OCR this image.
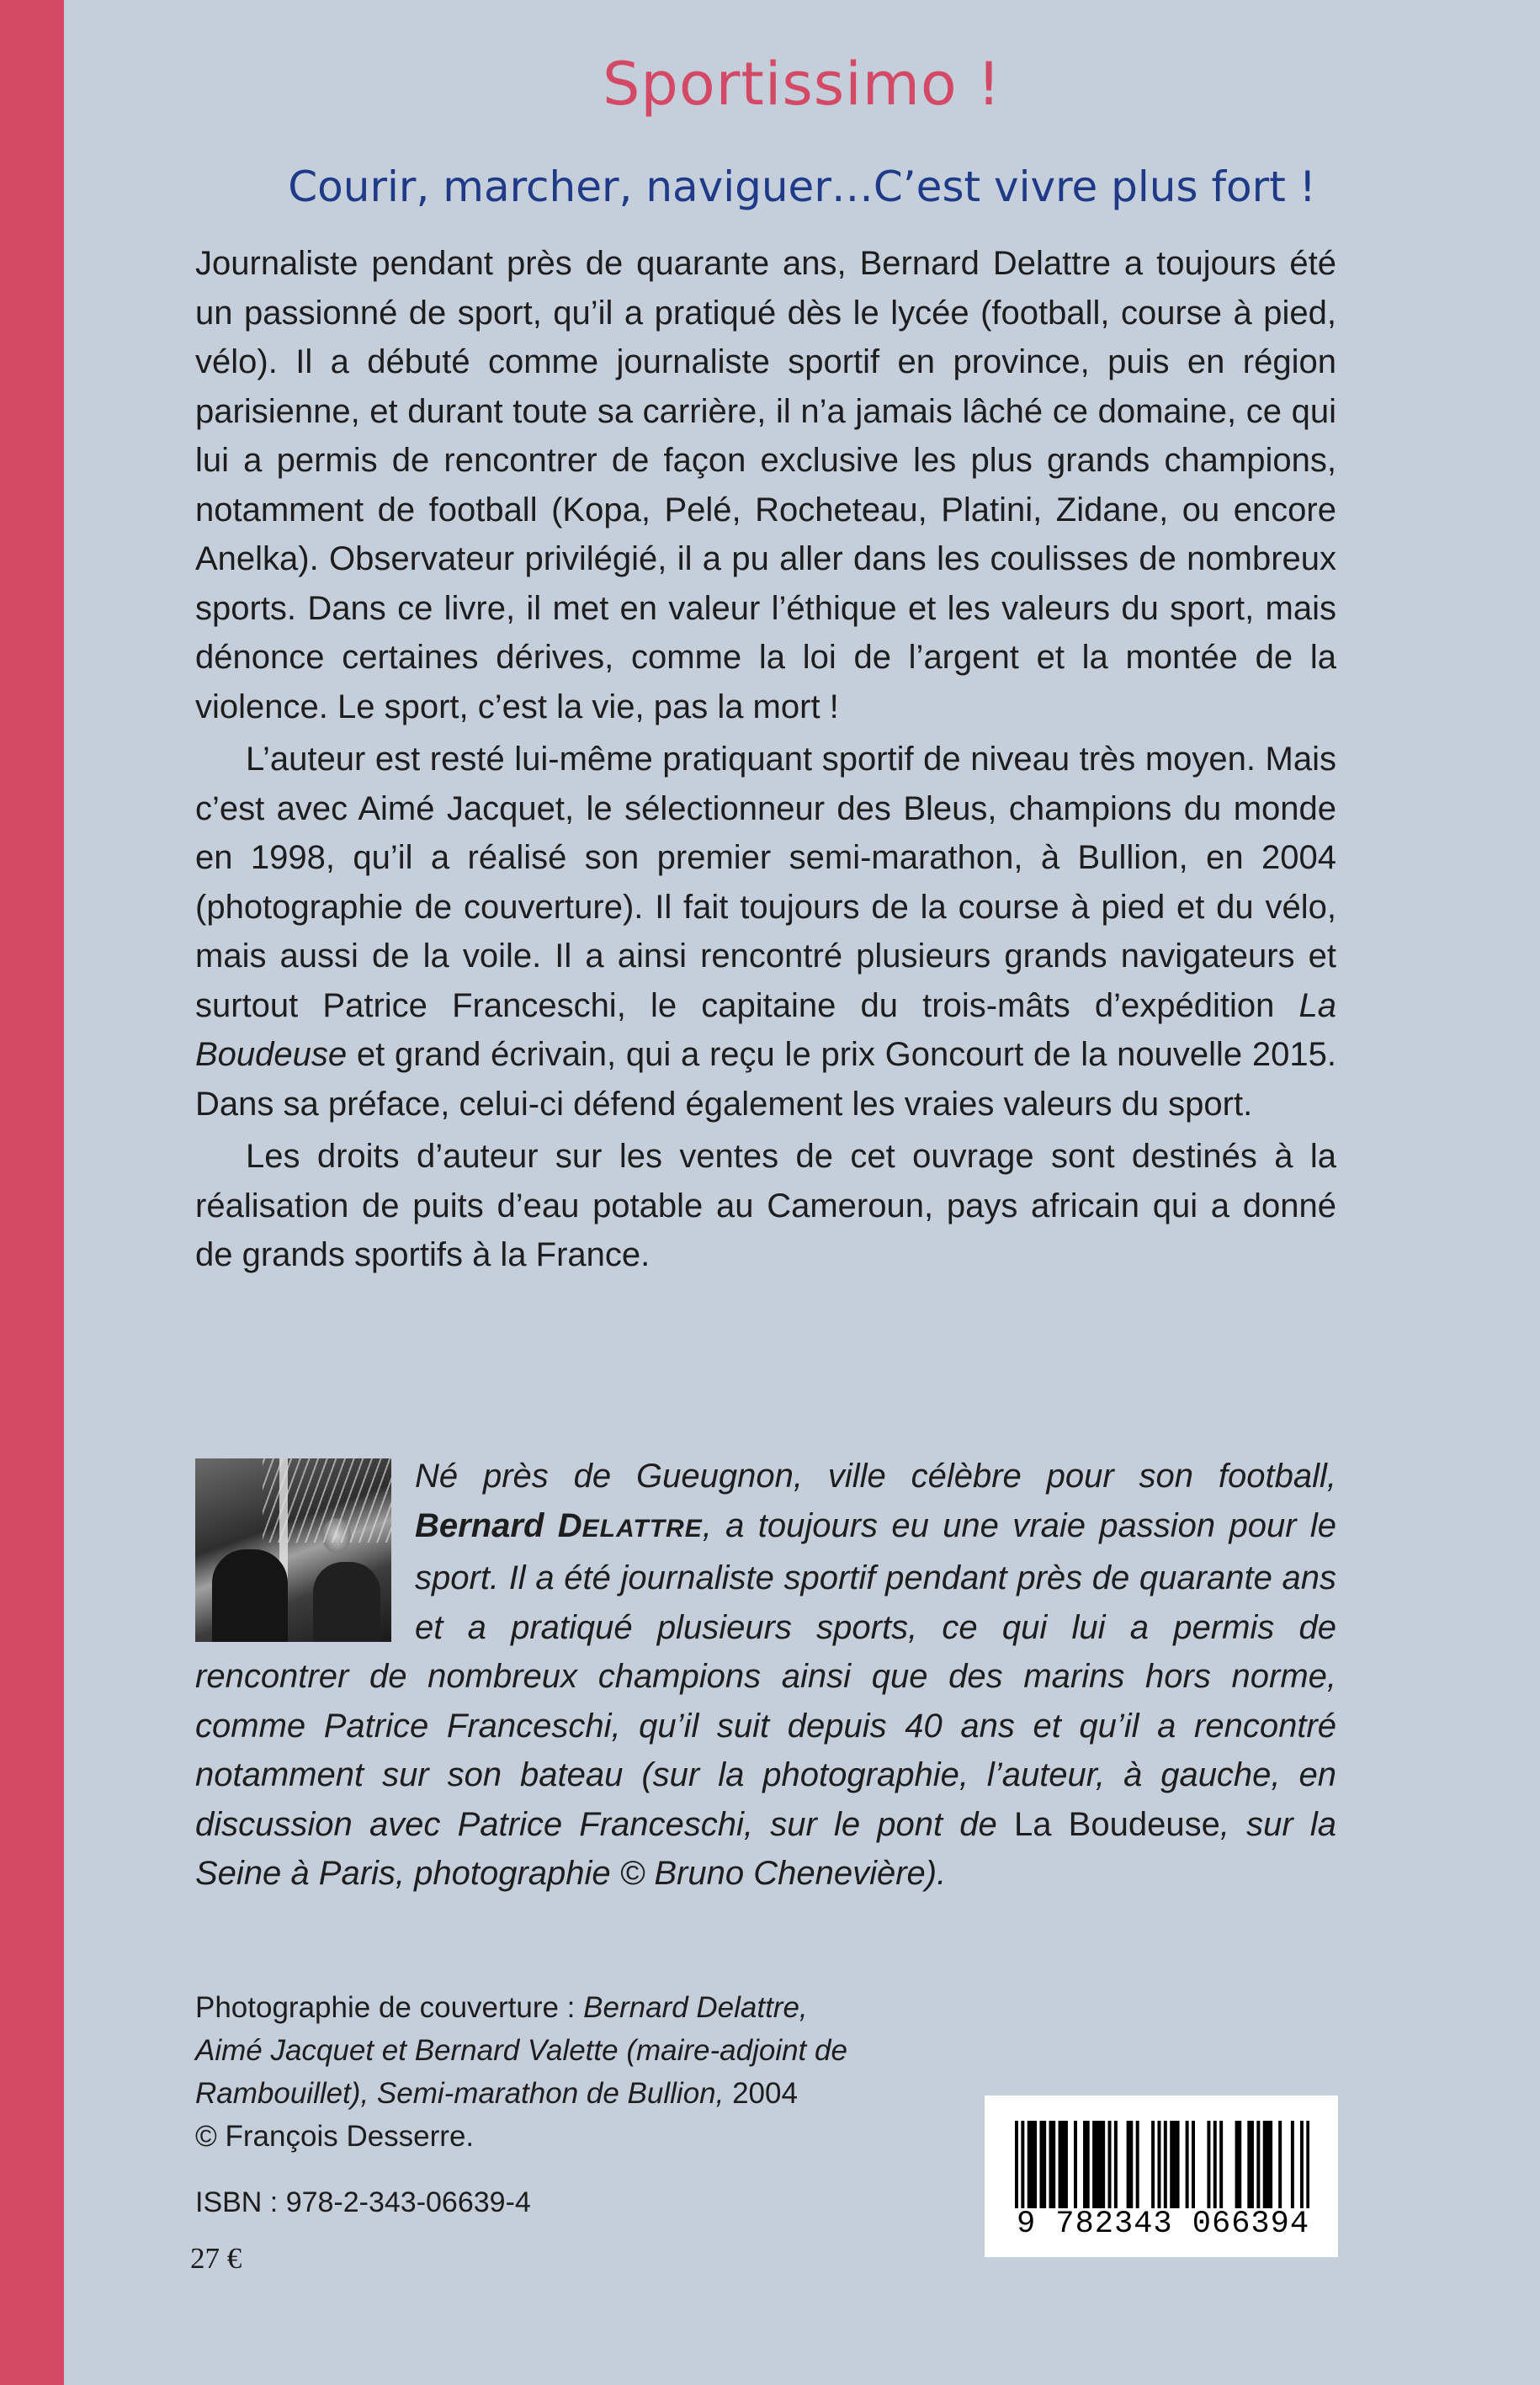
Sportissimo !
Courir, marcher, naviguer…C’est vivre plus fort !

Journaliste pendant près de quarante ans, Bernard Delattre a toujours été un passionné de sport, qu’il a pratiqué dès le lycée (football, course à pied, vélo). Il a débuté comme journaliste sportif en province, puis en région parisienne, et durant toute sa carrière, il n’a jamais lâché ce domaine, ce qui lui a permis de rencontrer de façon exclusive les plus grands champions, notamment de football (Kopa, Pelé, Rocheteau, Platini, Zidane, ou encore Anelka). Observateur privilégié, il a pu aller dans les coulisses de nombreux sports. Dans ce livre, il met en valeur l’éthique et les valeurs du sport, mais dénonce certaines dérives, comme la loi de l’argent et la montée de la violence. Le sport, c’est la vie, pas la mort !

L’auteur est resté lui-même pratiquant sportif de niveau très moyen. Mais c’est avec Aimé Jacquet, le sélectionneur des Bleus, champions du monde en 1998, qu’il a réalisé son premier semi-marathon, à Bullion, en 2004 (photographie de couverture). Il fait toujours de la course à pied et du vélo, mais aussi de la voile. Il a ainsi rencontré plusieurs grands navigateurs et surtout Patrice Franceschi, le capitaine du trois-mâts d’expédition La Boudeuse et grand écrivain, qui a reçu le prix Goncourt de la nouvelle 2015. Dans sa préface, celui-ci défend également les vraies valeurs du sport.

Les droits d’auteur sur les ventes de cet ouvrage sont destinés à la réalisation de puits d’eau potable au Cameroun, pays africain qui a donné de grands sportifs à la France.

Né près de Gueugnon, ville célèbre pour son football, Bernard DELATTRE, a toujours eu une vraie passion pour le sport. Il a été journaliste sportif pendant près de quarante ans et a pratiqué plusieurs sports, ce qui lui a permis de rencontrer de nombreux champions ainsi que des marins hors norme, comme Patrice Franceschi, qu’il suit depuis 40 ans et qu’il a rencontré notamment sur son bateau (sur la photographie, l’auteur, à gauche, en discussion avec Patrice Franceschi, sur le pont de La Boudeuse, sur la Seine à Paris, photographie © Bruno Chenevière).
Photographie de couverture : Bernard Delattre, Aimé Jacquet et Bernard Valette (maire-adjoint de Rambouillet), Semi-marathon de Bullion, 2004
© François Desserre.
ISBN : 978-2-343-06639-4
27 €
9 782343 066394
